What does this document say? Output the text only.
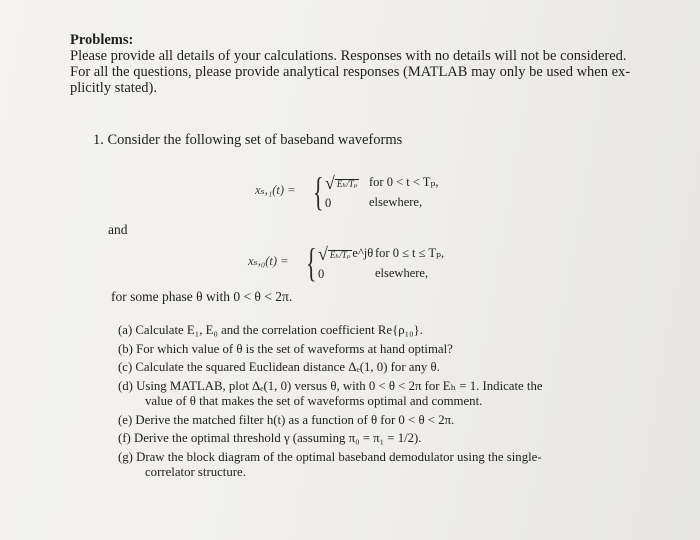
Problems:
Please provide all details of your calculations. Responses with no details will not be considered.
For all the questions, please provide analytical responses (MATLAB may only be used when ex-
plicitly stated).
1. Consider the following set of baseband waveforms
xₛ,₁(t) = { √ Eₕ/Tₚ
0
for 0 < t < Tₚ,
elsewhere,
and
xₛ,₀(t) = { √ Eₕ/Tₚ e^jθ
0
for 0 ≤ t ≤ Tₚ,
elsewhere,
for some phase θ with 0 < θ < 2π.
(a) Calculate E₁, E₀ and the correlation coefficient Re{ρ₁₀}.
(b) For which value of θ is the set of waveforms at hand optimal?
(c) Calculate the squared Euclidean distance Δₑ(1, 0) for any θ.
(d) Using MATLAB, plot Δₑ(1, 0) versus θ, with 0 < θ < 2π for Eₕ = 1. Indicate the
value of θ that makes the set of waveforms optimal and comment.
(e) Derive the matched filter h(t) as a function of θ for 0 < θ < 2π.
(f) Derive the optimal threshold γ (assuming π₀ = π₁ = 1/2).
(g) Draw the block diagram of the optimal baseband demodulator using the single-
correlator structure.
